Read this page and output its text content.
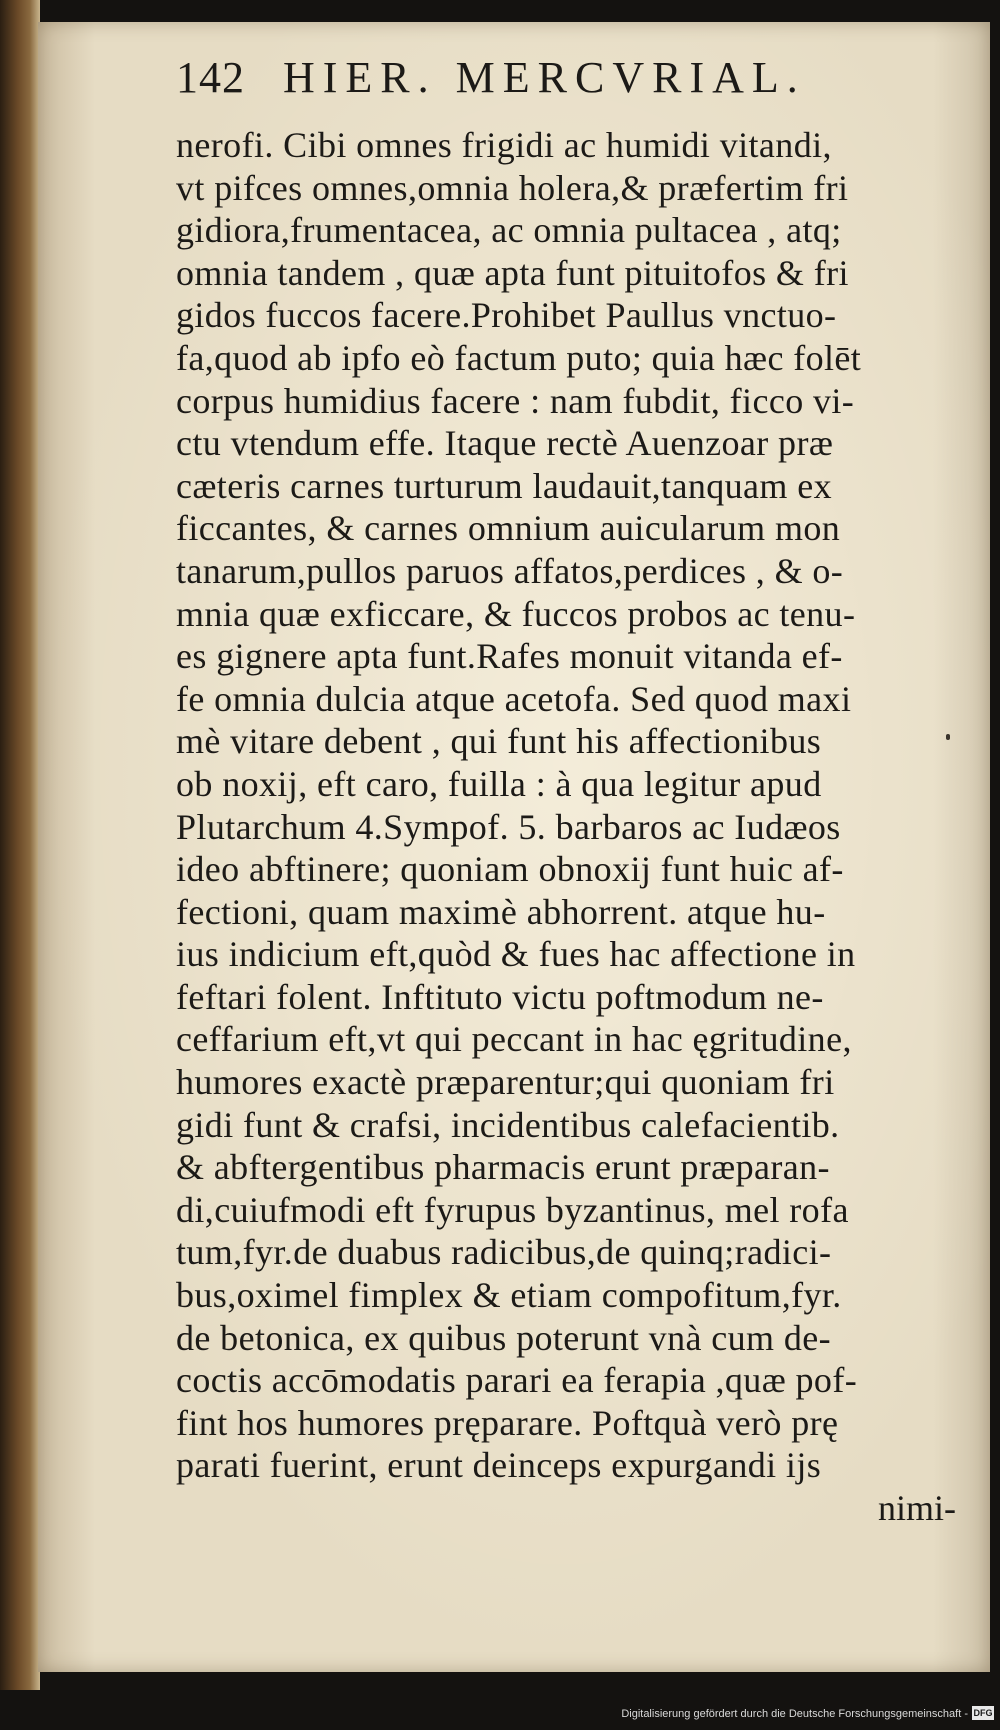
142 HIER. MERCVRIAL.
nerofi. Cibi omnes frigidi ac humidi vitandi,
vt pifces omnes,omnia holera,& præfertim fri
gidiora,frumentacea, ac omnia pultacea , atq;
omnia tandem , quæ apta funt pituitofos & fri
gidos fuccos facere.Prohibet Paullus vnctuo-
fa,quod ab ipfo eò factum puto; quia hæc folēt
corpus humidius facere : nam fubdit, ficco vi-
ctu vtendum effe. Itaque rectè Auenzoar præ
cæteris carnes turturum laudauit,tanquam ex
ficcantes, & carnes omnium auicularum mon
tanarum,pullos paruos affatos,perdices , & o-
mnia quæ exficcare, & fuccos probos ac tenu-
es gignere apta funt.Rafes monuit vitanda ef-
fe omnia dulcia atque acetofa. Sed quod maxi
mè vitare debent , qui funt his affectionibus
ob noxij, eft caro, fuilla : à qua legitur apud
Plutarchum 4.Sympof. 5. barbaros ac Iudæos
ideo abftinere; quoniam obnoxij funt huic af-
fectioni, quam maximè abhorrent. atque hu-
ius indicium eft,quòd & fues hac affectione in
feftari folent. Inftituto victu poftmodum ne-
ceffarium eft,vt qui peccant in hac ęgritudine,
humores exactè præparentur;qui quoniam fri
gidi funt & crafsi, incidentibus calefacientib.
& abftergentibus pharmacis erunt præparan-
di,cuiufmodi eft fyrupus byzantinus, mel rofa
tum,fyr.de duabus radicibus,de quinq;radici-
bus,oximel fimplex & etiam compofitum,fyr.
de betonica, ex quibus poterunt vnà cum de-
coctis accōmodatis parari ea ferapia ,quæ pof-
fint hos humores pręparare. Poftquà verò prę
parati fuerint, erunt deinceps expurgandi ijs
nimi-
Digitalisierung gefördert durch die Deutsche Forschungsgemeinschaft - DFG
